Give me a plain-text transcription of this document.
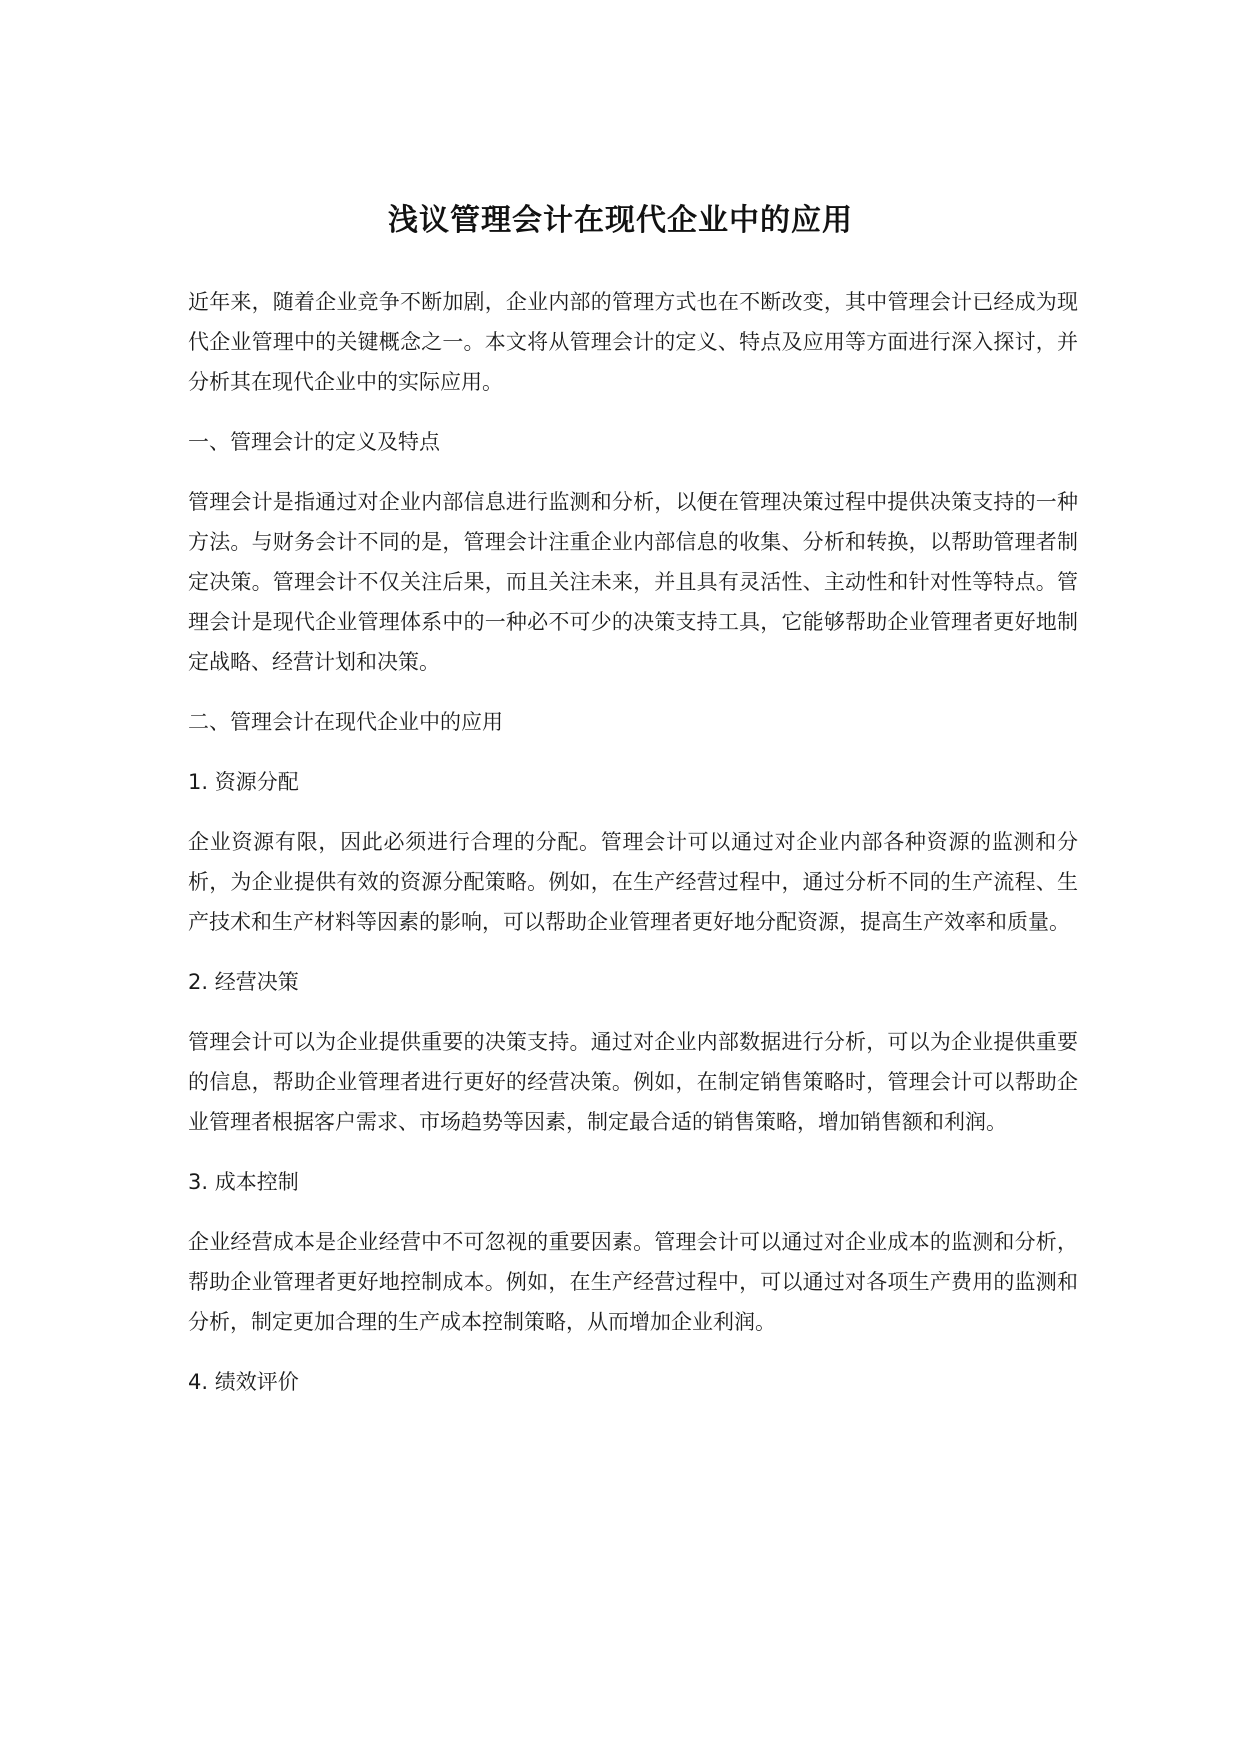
浅议管理会计在现代企业中的应用

近年来，随着企业竞争不断加剧，企业内部的管理方式也在不断改变，其中管理会计已经成为现代企业管理中的关键概念之一。本文将从管理会计的定义、特点及应用等方面进行深入探讨，并分析其在现代企业中的实际应用。

一、管理会计的定义及特点

管理会计是指通过对企业内部信息进行监测和分析，以便在管理决策过程中提供决策支持的一种方法。与财务会计不同的是，管理会计注重企业内部信息的收集、分析和转换，以帮助管理者制定决策。管理会计不仅关注后果，而且关注未来，并且具有灵活性、主动性和针对性等特点。管理会计是现代企业管理体系中的一种必不可少的决策支持工具，它能够帮助企业管理者更好地制定战略、经营计划和决策。

二、管理会计在现代企业中的应用

1. 资源分配

企业资源有限，因此必须进行合理的分配。管理会计可以通过对企业内部各种资源的监测和分析，为企业提供有效的资源分配策略。例如，在生产经营过程中，通过分析不同的生产流程、生产技术和生产材料等因素的影响，可以帮助企业管理者更好地分配资源，提高生产效率和质量。

2. 经营决策

管理会计可以为企业提供重要的决策支持。通过对企业内部数据进行分析，可以为企业提供重要的信息，帮助企业管理者进行更好的经营决策。例如，在制定销售策略时，管理会计可以帮助企业管理者根据客户需求、市场趋势等因素，制定最合适的销售策略，增加销售额和利润。

3. 成本控制

企业经营成本是企业经营中不可忽视的重要因素。管理会计可以通过对企业成本的监测和分析，帮助企业管理者更好地控制成本。例如，在生产经营过程中，可以通过对各项生产费用的监测和分析，制定更加合理的生产成本控制策略，从而增加企业利润。

4. 绩效评价
